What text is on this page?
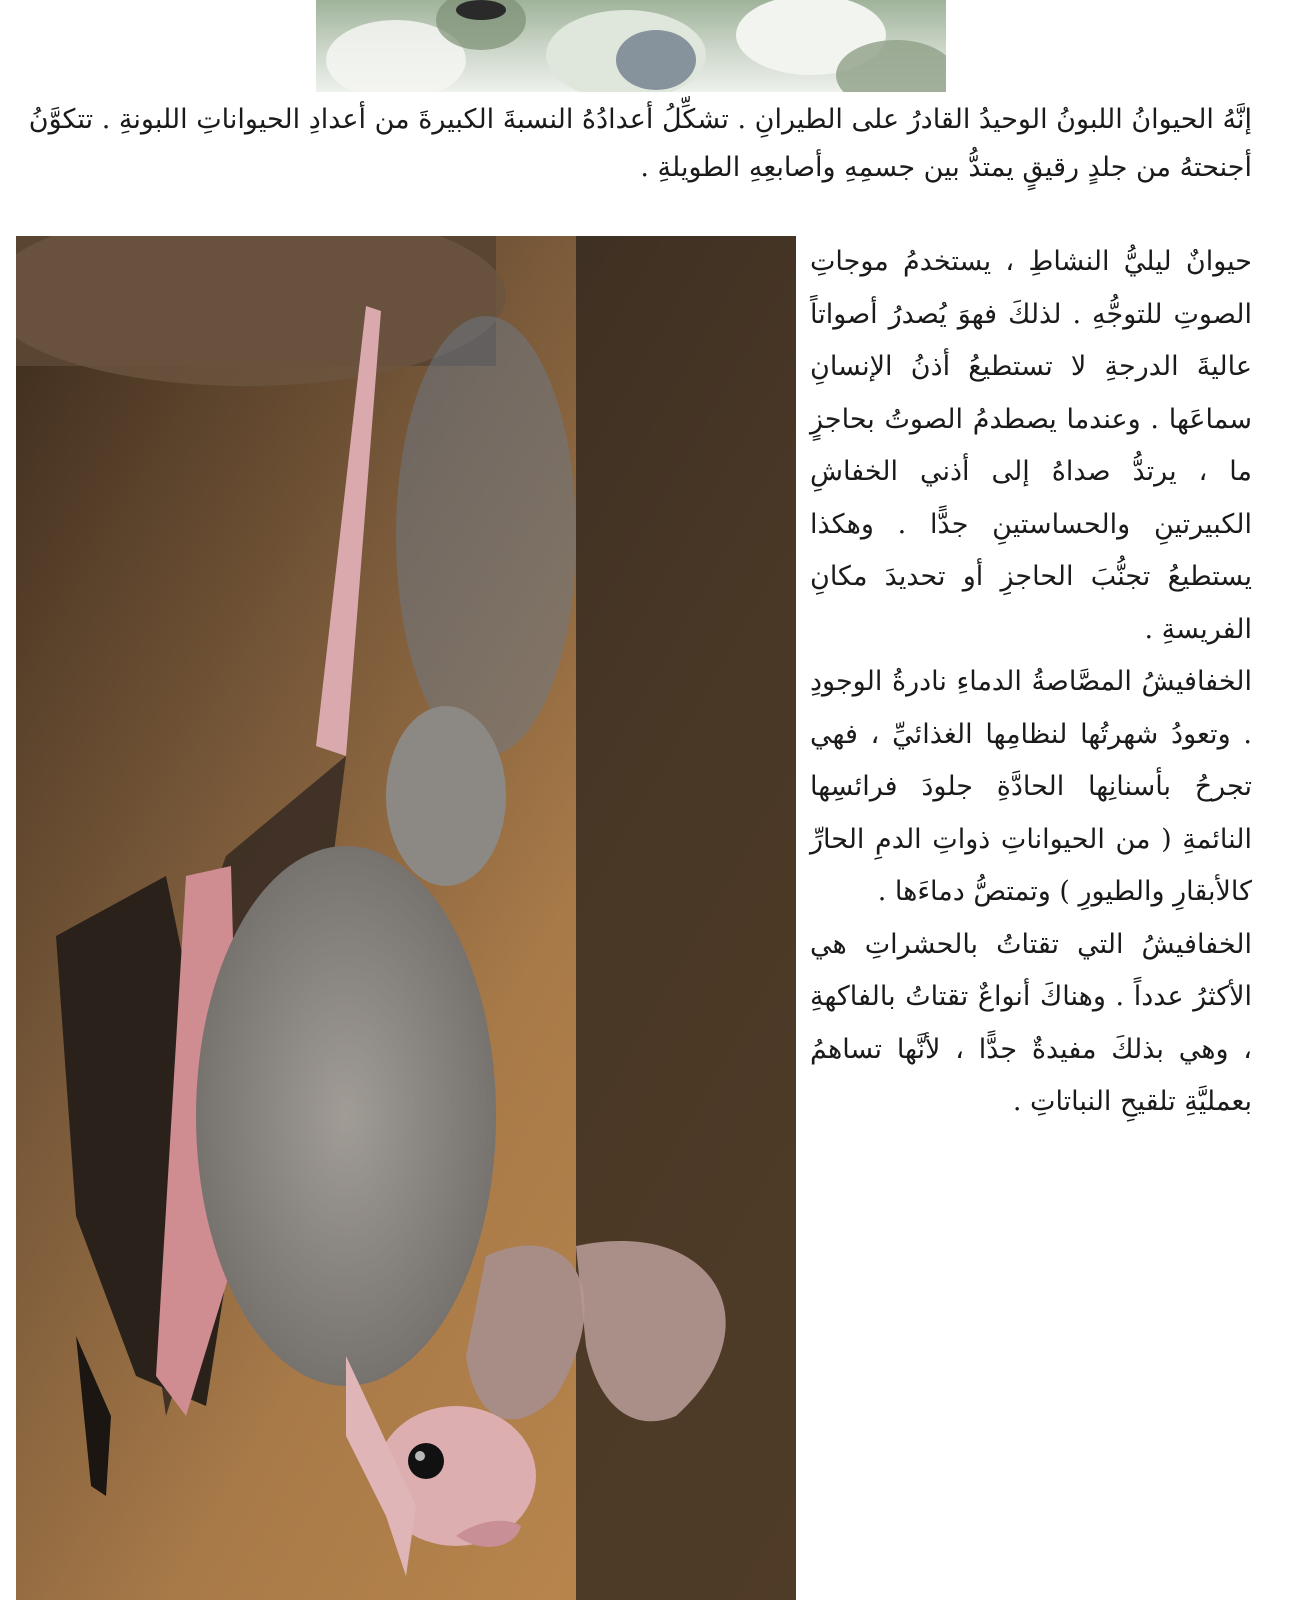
إنَّهُ الحيوانُ اللبونُ الوحيدُ القادرُ على الطيرانِ . تشكِّلُ أعدادُهُ النسبةَ الكبيرةَ من أعدادِ الحيواناتِ اللبونةِ . تتكوَّنُ أجنحتهُ من جلدٍ رقيقٍ يمتدُّ بين جسمِهِ وأصابعِهِ الطويلةِ .

حيوانٌ ليليُّ النشاطِ ، يستخدمُ موجاتِ الصوتِ للتوجُّهِ . لذلكَ فهوَ يُصدرُ أصواتاً عاليةَ الدرجةِ لا تستطيعُ أذنُ الإنسانِ سماعَها . وعندما يصطدمُ الصوتُ بحاجزٍ ما ، يرتدُّ صداهُ إلى أذني الخفاشِ الكبيرتينِ والحساستينِ جدًّا . وهكذا يستطيعُ تجنُّبَ الحاجزِ أو تحديدَ مكانِ الفريسةِ .

الخفافيشُ المصَّاصةُ الدماءِ نادرةُ الوجودِ . وتعودُ شهرتُها لنظامِها الغذائيِّ ، فهي تجرحُ بأسنانِها الحادَّةِ جلودَ فرائسِها النائمةِ ( من الحيواناتِ ذواتِ الدمِ الحارِّ كالأبقارِ والطيورِ ) وتمتصُّ دماءَها .

الخفافيشُ التي تقتاتُ بالحشراتِ هي الأكثرُ عدداً . وهناكَ أنواعٌ تقتاتُ بالفاكهةِ ، وهي بذلكَ مفيدةٌ جدًّا ، لأنَّها تساهمُ بعمليَّةِ تلقيحِ النباتاتِ .
